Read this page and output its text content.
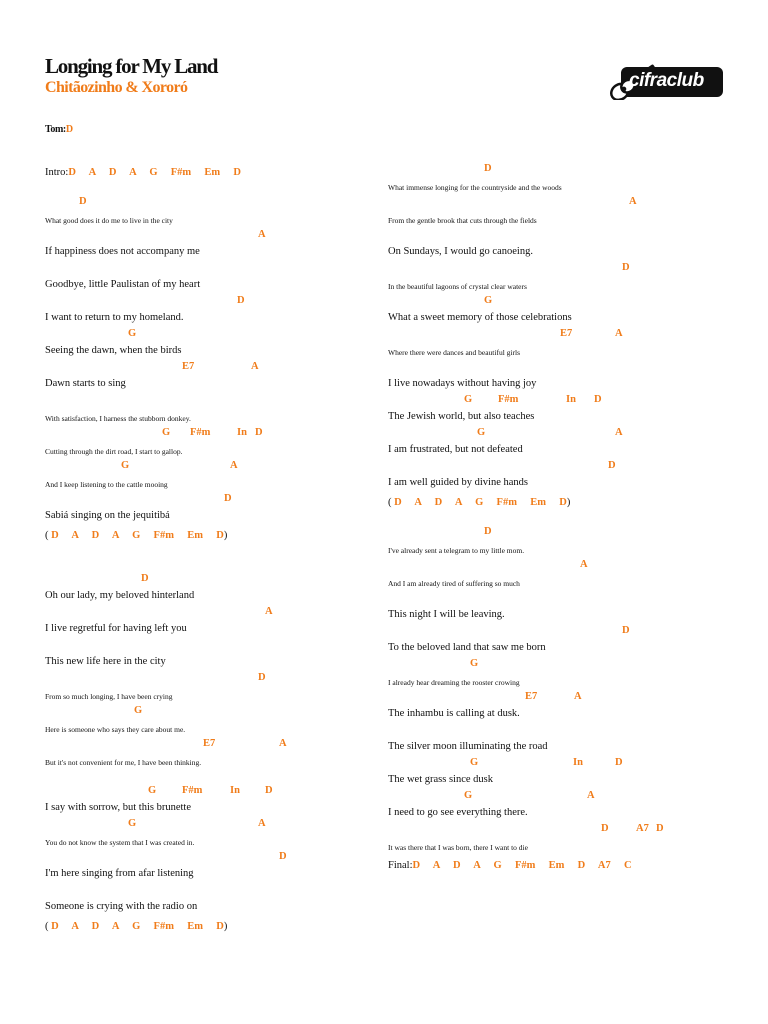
Longing for My Land
Chitãozinho & Xororó	cifraclub
Tom:D
Intro:D  A  D  A  G  F#m  Em  D
D
What good does it do me to live in the city
A
If happiness does not accompany me
Goodbye, little Paulistan of my heart
D
I want to return to my homeland.
G
Seeing the dawn, when the birds
E7	A
Dawn starts to sing
With satisfaction, I harness the stubborn donkey.
G F#m	In D
Cutting through the dirt road, I start to gallop.
G	A
And I keep listening to the cattle mooing
D
Sabiá singing on the jequitibá
( D  A  D  A  G  F#m  Em  D)
D
Oh our lady, my beloved hinterland
A
I live regretful for having left you
This new life here in the city
D
From so much longing, I have been crying
G
Here is someone who says they care about me.
E7	A
But it's not convenient for me, I have been thinking.
G F#m	In D
I say with sorrow, but this brunette
G	A
You do not know the system that I was created in.
D
I'm here singing from afar listening
Someone is crying with the radio on
( D  A  D  A  G  F#m  Em  D)
D
What immense longing for the countryside and the woods
A
From the gentle brook that cuts through the fields
On Sundays, I would go canoeing.
D
In the beautiful lagoons of crystal clear waters
G
What a sweet memory of those celebrations
E7	A
Where there were dances and beautiful girls
I live nowadays without having joy
G F#m	In D
The Jewish world, but also teaches
G	A
I am frustrated, but not defeated
D
I am well guided by divine hands
( D  A  D  A  G  F#m  Em  D)
D
I've already sent a telegram to my little mom.
A
And I am already tired of suffering so much
This night I will be leaving.
D
To the beloved land that saw me born
G
I already hear dreaming the rooster crowing
E7	A
The inhambu is calling at dusk.
The silver moon illuminating the road
G	In	D
The wet grass since dusk
G	A
I need to go see everything there.
D	A7 D
It was there that I was born, there I want to die
Final:D  A  D  A  G  F#m  Em  D  A7  C
